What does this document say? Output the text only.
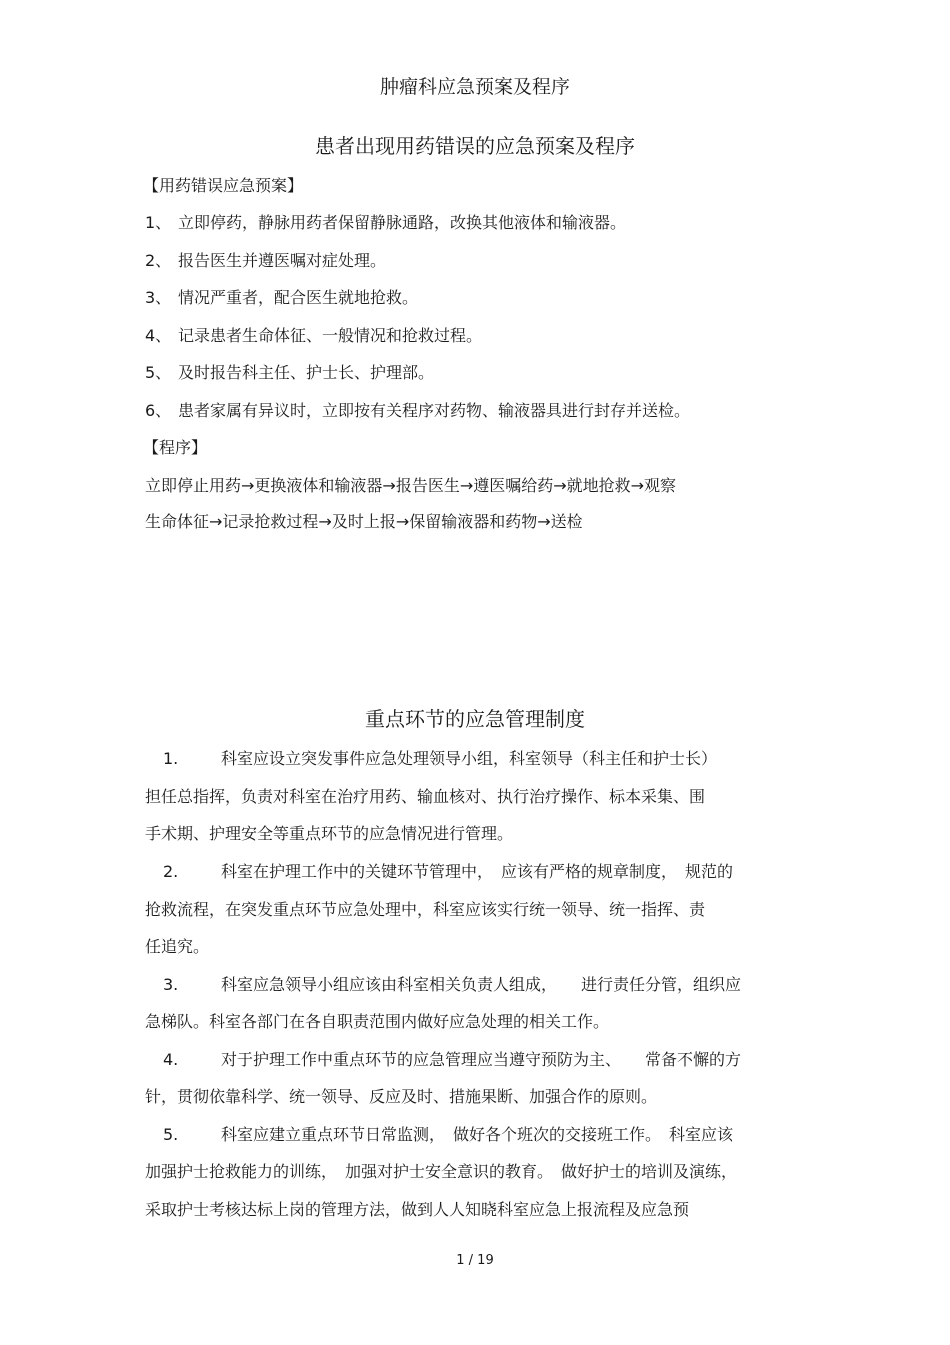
肿瘤科应急预案及程序
患者出现用药错误的应急预案及程序
【用药错误应急预案】
1、 立即停药，静脉用药者保留静脉通路，改换其他液体和输液器。
2、 报告医生并遵医嘱对症处理。
3、 情况严重者，配合医生就地抢救。
4、 记录患者生命体征、一般情况和抢救过程。
5、 及时报告科主任、护士长、护理部。
6、 患者家属有异议时，立即按有关程序对药物、输液器具进行封存并送检。
【程序】
立即停止用药→更换液体和输液器→报告医生→遵医嘱给药→就地抢救→观察
生命体征→记录抢救过程→及时上报→保留输液器和药物→送检
重点环节的应急管理制度
1.	科室应设立突发事件应急处理领导小组，科室领导（科主任和护士长）
担任总指挥，负责对科室在治疗用药、输血核对、执行治疗操作、标本采集、围
手术期、护理安全等重点环节的应急情况进行管理。
2.	科室在护理工作中的关键环节管理中，　应该有严格的规章制度，　规范的
抢救流程，在突发重点环节应急处理中，科室应该实行统一领导、统一指挥、责
任追究。
3.	科室应急领导小组应该由科室相关负责人组成，　　进行责任分管，组织应
急梯队。科室各部门在各自职责范围内做好应急处理的相关工作。
4.	对于护理工作中重点环节的应急管理应当遵守预防为主、　　常备不懈的方
针，贯彻依靠科学、统一领导、反应及时、措施果断、加强合作的原则。
5.	科室应建立重点环节日常监测，　做好各个班次的交接班工作。　科室应该
加强护士抢救能力的训练，　加强对护士安全意识的教育。　做好护士的培训及演练，
采取护士考核达标上岗的管理方法，做到人人知晓科室应急上报流程及应急预
1 / 19
